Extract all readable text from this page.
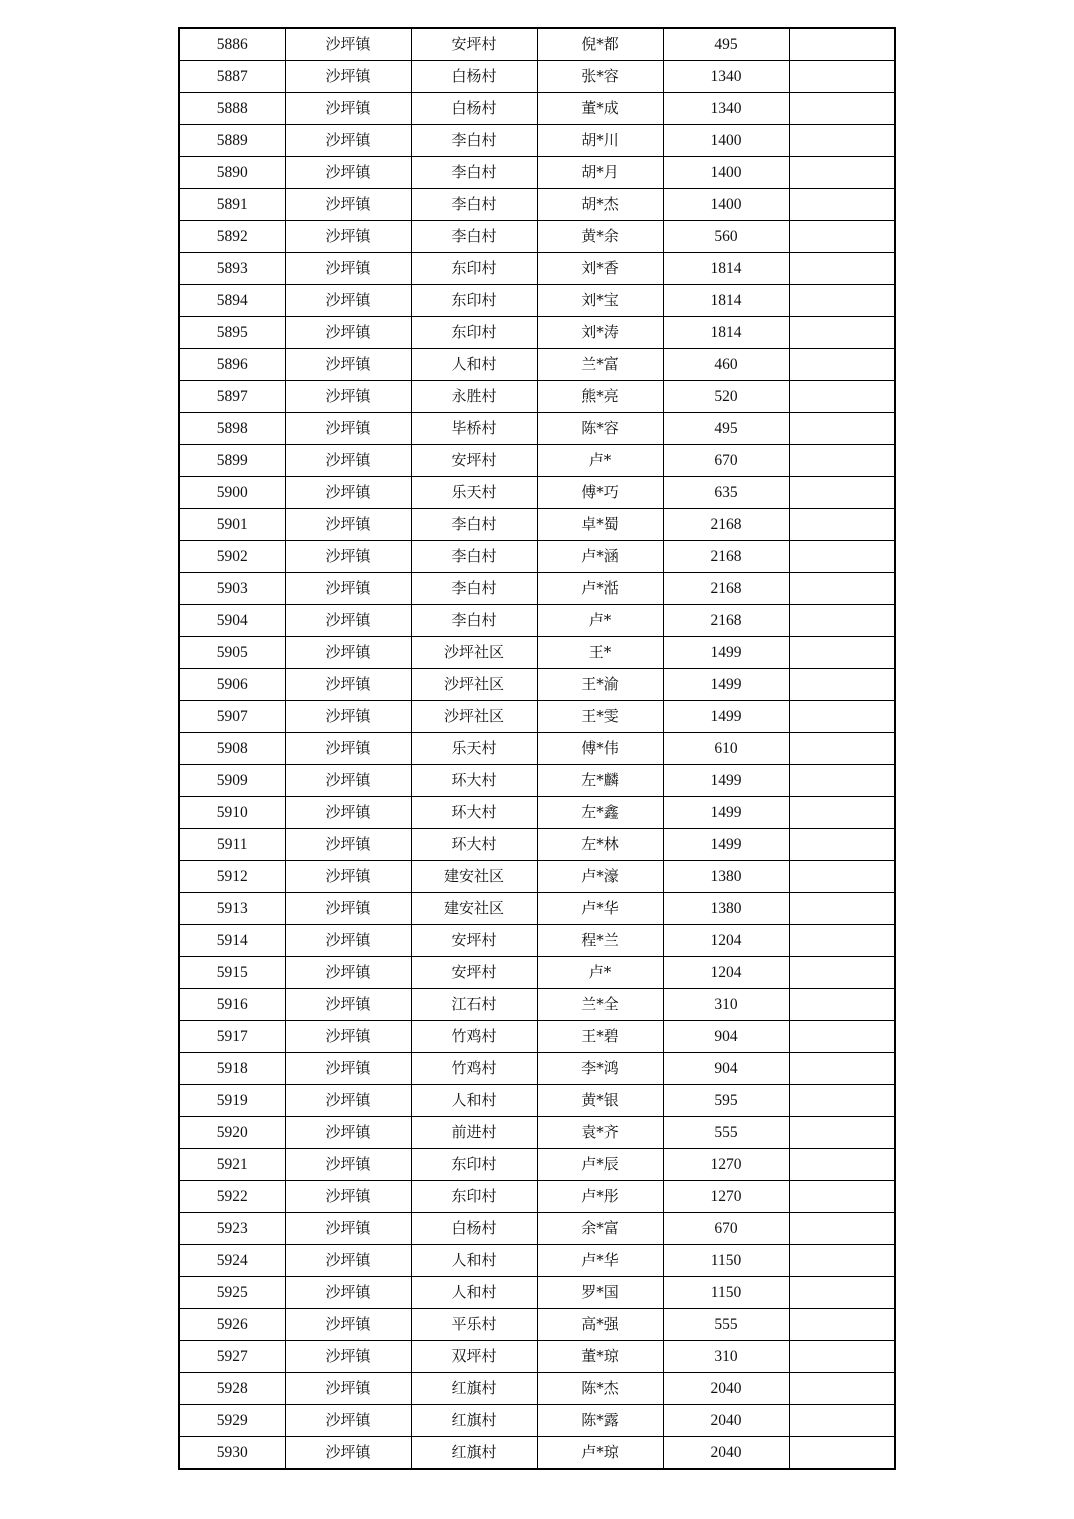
5886	沙坪镇	安坪村	倪*都	495	
5887	沙坪镇	白杨村	张*容	1340	
5888	沙坪镇	白杨村	董*成	1340	
5889	沙坪镇	李白村	胡*川	1400	
5890	沙坪镇	李白村	胡*月	1400	
5891	沙坪镇	李白村	胡*杰	1400	
5892	沙坪镇	李白村	黄*余	560	
5893	沙坪镇	东印村	刘*香	1814	
5894	沙坪镇	东印村	刘*宝	1814	
5895	沙坪镇	东印村	刘*涛	1814	
5896	沙坪镇	人和村	兰*富	460	
5897	沙坪镇	永胜村	熊*亮	520	
5898	沙坪镇	毕桥村	陈*容	495	
5899	沙坪镇	安坪村	卢*	670	
5900	沙坪镇	乐天村	傅*巧	635	
5901	沙坪镇	李白村	卓*蜀	2168	
5902	沙坪镇	李白村	卢*涵	2168	
5903	沙坪镇	李白村	卢*湉	2168	
5904	沙坪镇	李白村	卢*	2168	
5905	沙坪镇	沙坪社区	王*	1499	
5906	沙坪镇	沙坪社区	王*渝	1499	
5907	沙坪镇	沙坪社区	王*雯	1499	
5908	沙坪镇	乐天村	傅*伟	610	
5909	沙坪镇	环大村	左*麟	1499	
5910	沙坪镇	环大村	左*鑫	1499	
5911	沙坪镇	环大村	左*林	1499	
5912	沙坪镇	建安社区	卢*濠	1380	
5913	沙坪镇	建安社区	卢*华	1380	
5914	沙坪镇	安坪村	程*兰	1204	
5915	沙坪镇	安坪村	卢*	1204	
5916	沙坪镇	江石村	兰*全	310	
5917	沙坪镇	竹鸡村	王*碧	904	
5918	沙坪镇	竹鸡村	李*鸿	904	
5919	沙坪镇	人和村	黄*银	595	
5920	沙坪镇	前进村	袁*齐	555	
5921	沙坪镇	东印村	卢*辰	1270	
5922	沙坪镇	东印村	卢*彤	1270	
5923	沙坪镇	白杨村	余*富	670	
5924	沙坪镇	人和村	卢*华	1150	
5925	沙坪镇	人和村	罗*国	1150	
5926	沙坪镇	平乐村	高*强	555	
5927	沙坪镇	双坪村	董*琼	310	
5928	沙坪镇	红旗村	陈*杰	2040	
5929	沙坪镇	红旗村	陈*露	2040	
5930	沙坪镇	红旗村	卢*琼	2040	
